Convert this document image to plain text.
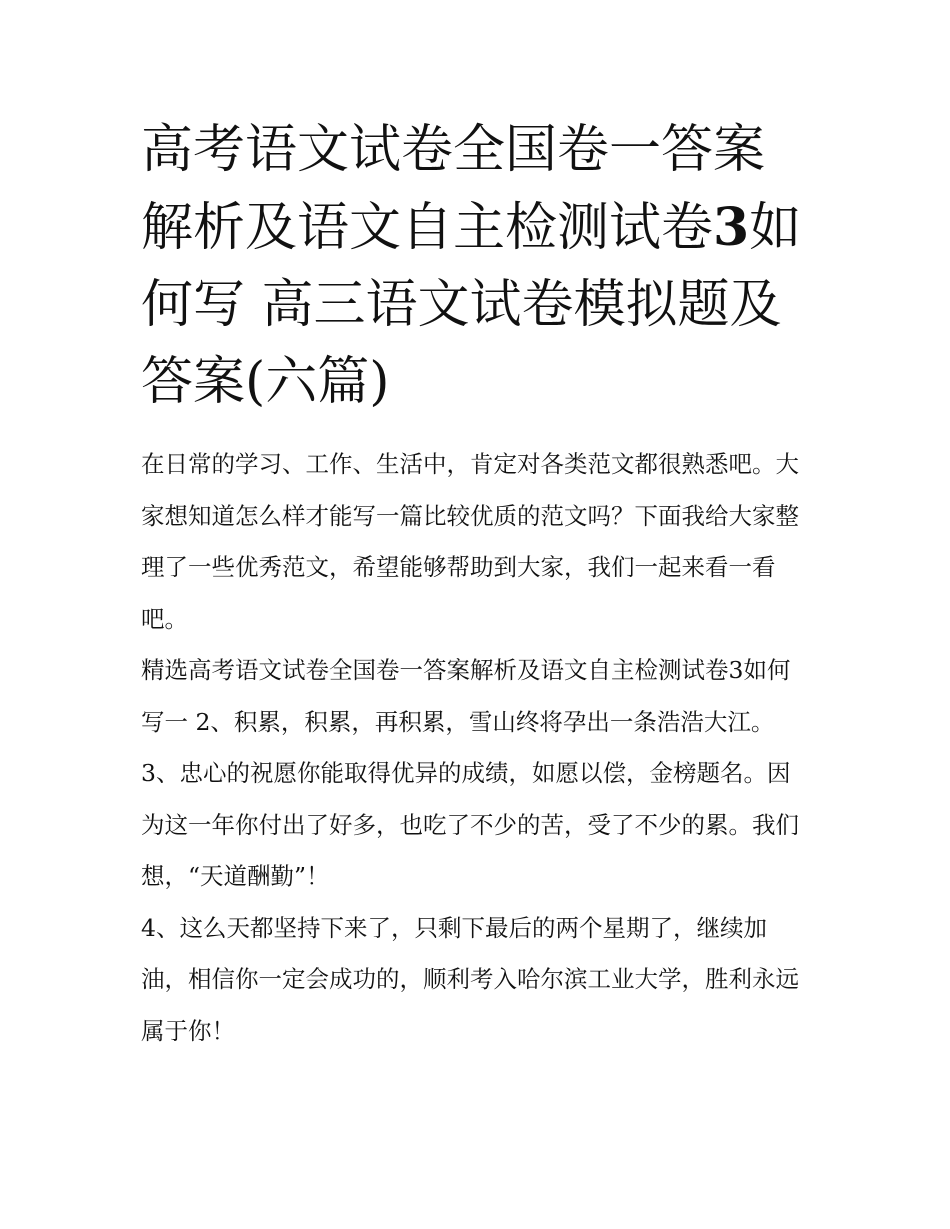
高考语文试卷全国卷一答案解析及语文自主检测试卷3如何写 高三语文试卷模拟题及答案(六篇)

在日常的学习、工作、生活中，肯定对各类范文都很熟悉吧。大家想知道怎么样才能写一篇比较优质的范文吗？下面我给大家整理了一些优秀范文，希望能够帮助到大家，我们一起来看一看吧。

精选高考语文试卷全国卷一答案解析及语文自主检测试卷3如何写一 2、积累，积累，再积累，雪山终将孕出一条浩浩大江。

3、忠心的祝愿你能取得优异的成绩，如愿以偿，金榜题名。因为这一年你付出了好多，也吃了不少的苦，受了不少的累。我们想，“天道酬勤”！

4、这么天都坚持下来了，只剩下最后的两个星期了，继续加油，相信你一定会成功的，顺利考入哈尔滨工业大学，胜利永远属于你！
